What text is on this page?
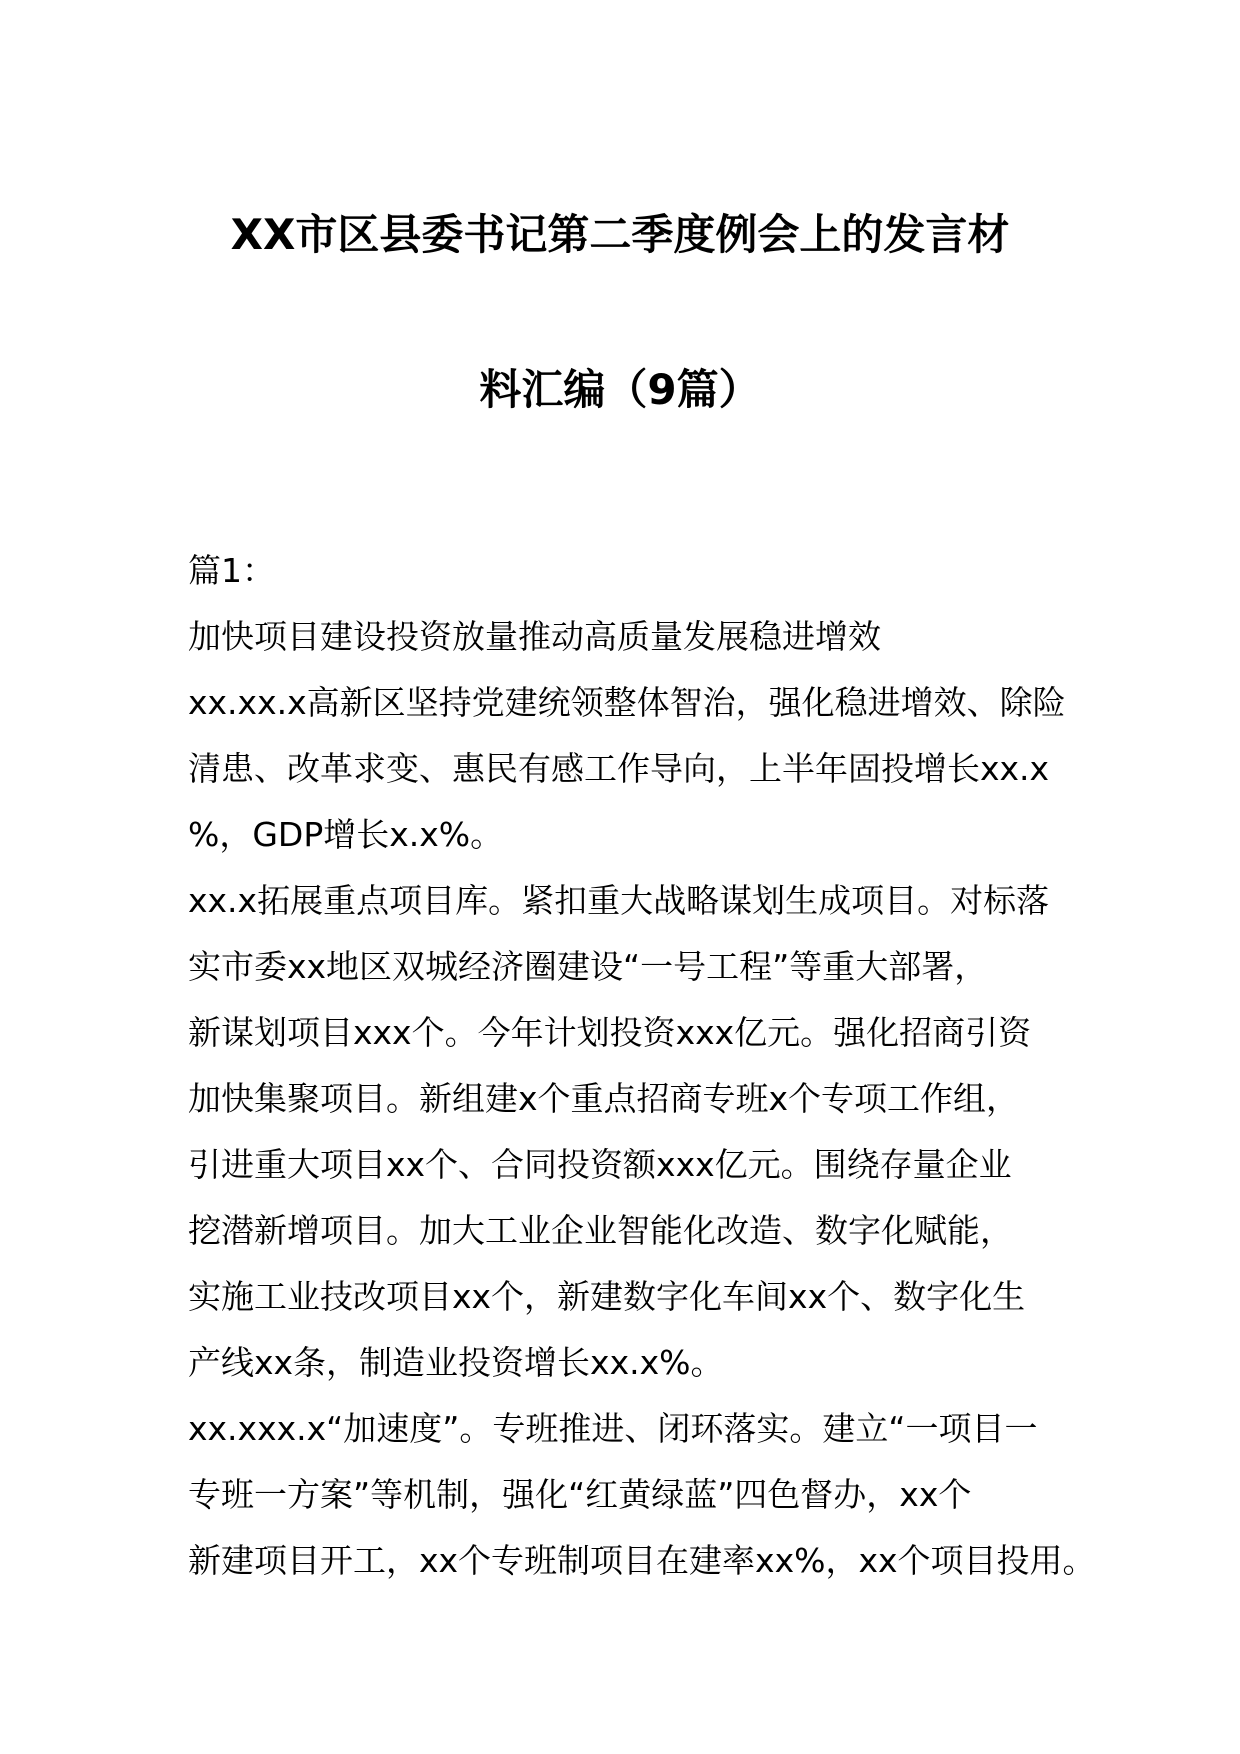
XX市区县委书记第二季度例会上的发言材
料汇编（9篇）
篇1：
加快项目建设投资放量推动高质量发展稳进增效
xx.xx.x高新区坚持党建统领整体智治，强化稳进增效、除险
清患、改革求变、惠民有感工作导向，上半年固投增长xx.x
%，GDP增长x.x%。
xx.x拓展重点项目库。紧扣重大战略谋划生成项目。对标落
实市委xx地区双城经济圈建设“一号工程”等重大部署，
新谋划项目xxx个。今年计划投资xxx亿元。强化招商引资
加快集聚项目。新组建x个重点招商专班x个专项工作组，
引进重大项目xx个、合同投资额xxx亿元。围绕存量企业
挖潜新增项目。加大工业企业智能化改造、数字化赋能，
实施工业技改项目xx个，新建数字化车间xx个、数字化生
产线xx条，制造业投资增长xx.x%。
xx.xxx.x“加速度”。专班推进、闭环落实。建立“一项目一
专班一方案”等机制，强化“红黄绿蓝”四色督办，xx个
新建项目开工，xx个专班制项目在建率xx%，xx个项目投用。
